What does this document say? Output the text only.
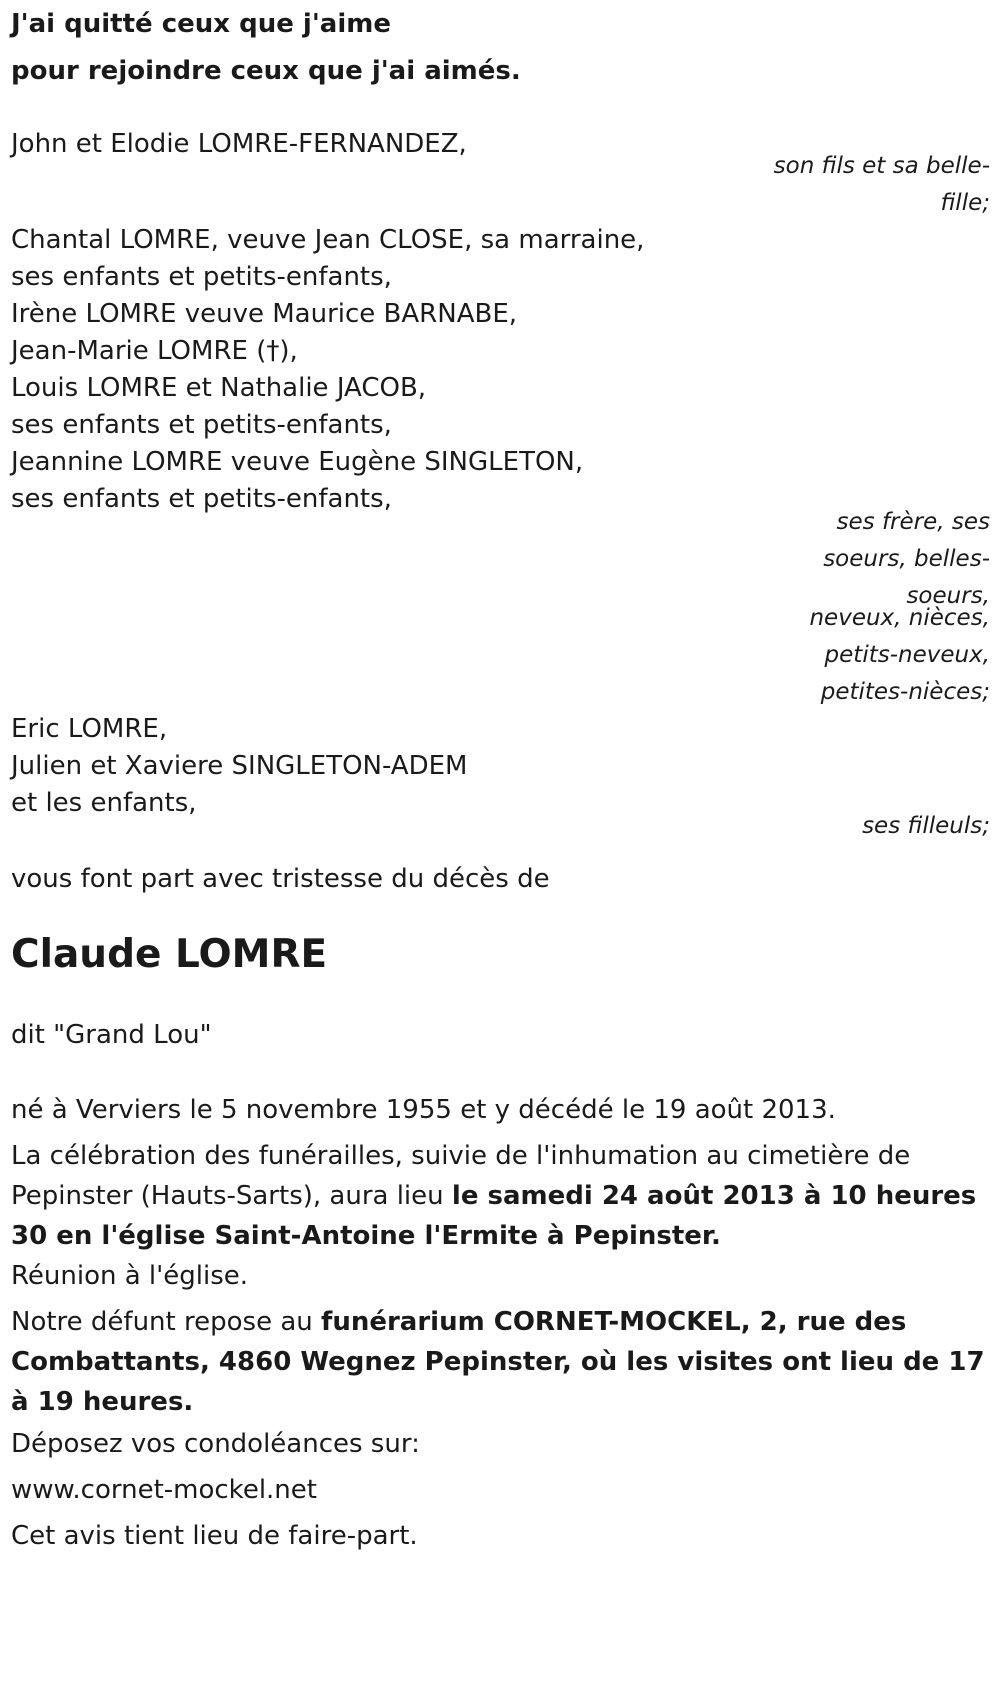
J'ai quitté ceux que j'aime
pour rejoindre ceux que j'ai aimés.
John et Elodie LOMRE-FERNANDEZ,
son fils et sa belle-
fille;
Chantal LOMRE, veuve Jean CLOSE, sa marraine,
ses enfants et petits-enfants,
Irène LOMRE veuve Maurice BARNABE,
Jean-Marie LOMRE (†),
Louis LOMRE et Nathalie JACOB,
ses enfants et petits-enfants,
Jeannine LOMRE veuve Eugène SINGLETON,
ses enfants et petits-enfants,
ses frère, ses
soeurs, belles-
soeurs,
neveux, nièces,
petits-neveux,
petites-nièces;
Eric LOMRE,
Julien et Xaviere SINGLETON-ADEM
et les enfants,
ses filleuls;
vous font part avec tristesse du décès de
Claude LOMRE
dit "Grand Lou"
né à Verviers le 5 novembre 1955 et y décédé le 19 août 2013.
La célébration des funérailles, suivie de l'inhumation au cimetière de Pepinster (Hauts-Sarts), aura lieu le samedi 24 août 2013 à 10 heures 30 en l'église Saint-Antoine l'Ermite à Pepinster.
Réunion à l'église.
Notre défunt repose au funérarium CORNET-MOCKEL, 2, rue des Combattants, 4860 Wegnez Pepinster, où les visites ont lieu de 17 à 19 heures.
Déposez vos condoléances sur:
www.cornet-mockel.net
Cet avis tient lieu de faire-part.
